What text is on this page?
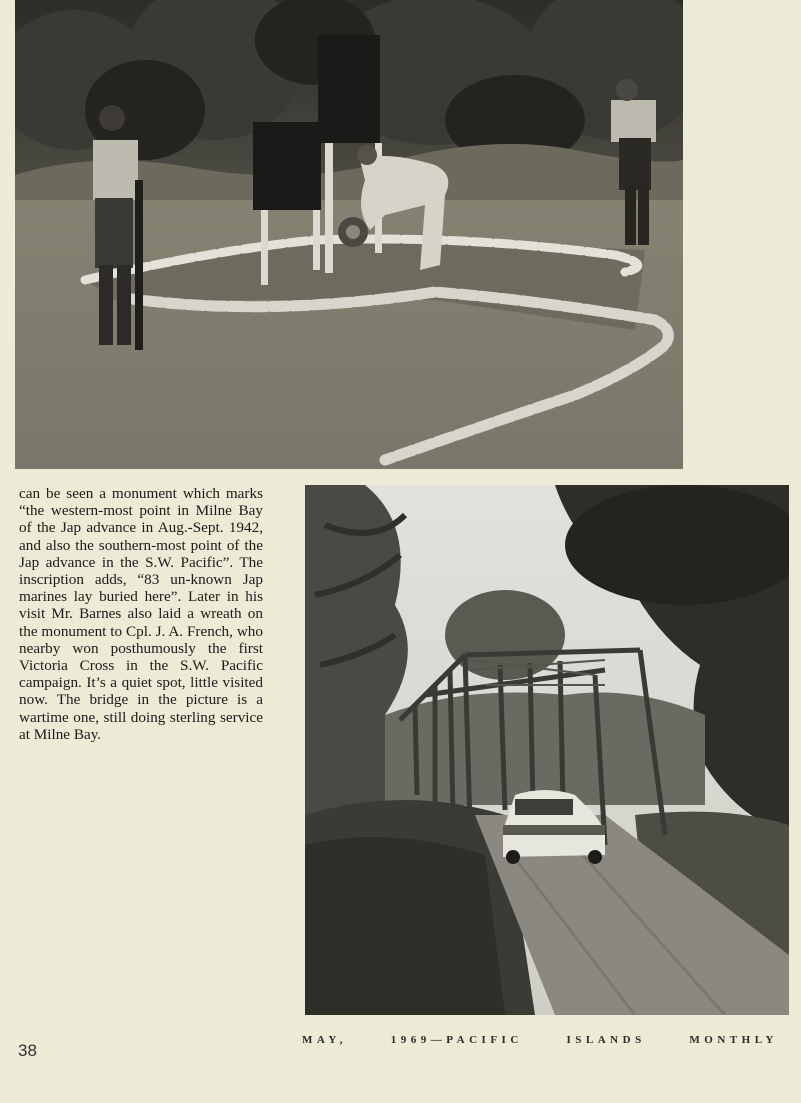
can be seen a monument which marks “the western-most point in Milne Bay of the Jap advance in Aug.-Sept. 1942, and also the southern-most point of the Jap advance in the S.W. Pacific”. The inscription adds, “83 un-known Jap marines lay buried here”. Later in his visit Mr. Barnes also laid a wreath on the monument to Cpl. J. A. French, who nearby won posthumously the first Victoria Cross in the S.W. Pacific campaign. It’s a quiet spot, little visited now. The bridge in the picture is a wartime one, still doing sterling service at Milne Bay.
38
MAY,	1969—PACIFIC	ISLANDS	MONTHLY
